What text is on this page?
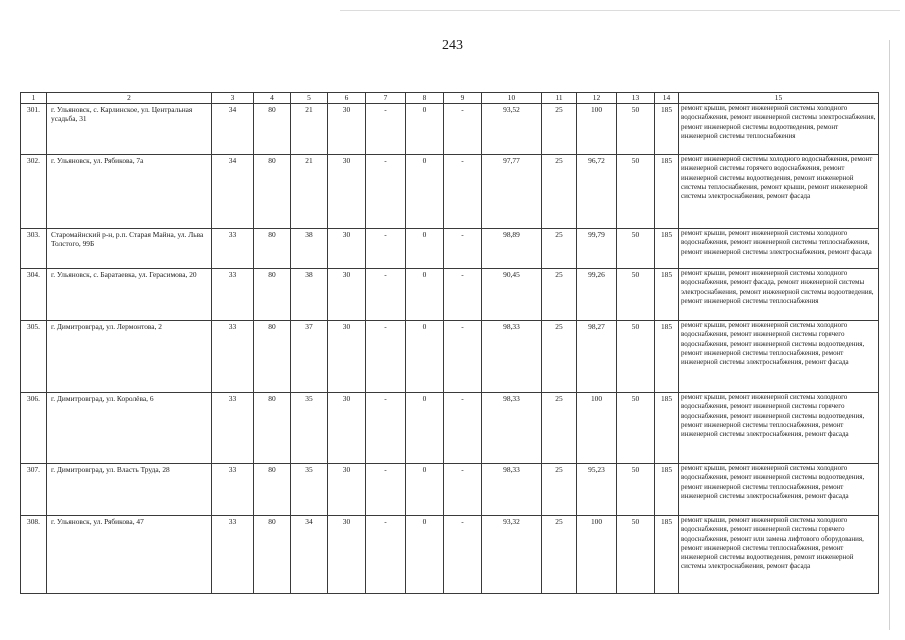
243
1	2	3	4	5	6	7	8	9	10	11	12	13	14	15
301.	г. Ульяновск, с. Карлинское, ул. Центральная усадьба, 31	34	80	21	30	-	0	-	93,52	25	100	50	185	ремонт крыши, ремонт инженерной системы холодного водоснабжения, ремонт инженерной системы электроснабжения, ремонт инженерной системы водоотведения, ремонт инженерной системы теплоснабжения
302.	г. Ульяновск, ул. Рябикова, 7а	34	80	21	30	-	0	-	97,77	25	96,72	50	185	ремонт инженерной системы холодного водоснабжения, ремонт инженерной системы горячего водоснабжения, ремонт инженерной системы водоотведения, ремонт инженерной системы теплоснабжения, ремонт крыши, ремонт инженерной системы электроснабжения, ремонт фасада
303.	Старомайнский р-н, р.п. Старая Майна, ул. Льва Толстого, 99Б	33	80	38	30	-	0	-	98,89	25	99,79	50	185	ремонт крыши, ремонт инженерной системы холодного водоснабжения, ремонт инженерной системы теплоснабжения, ремонт инженерной системы электроснабжения, ремонт фасада
304.	г. Ульяновск, с. Баратаевка, ул. Герасимова, 20	33	80	38	30	-	0	-	90,45	25	99,26	50	185	ремонт крыши, ремонт инженерной системы холодного водоснабжения, ремонт фасада, ремонт инженерной системы электроснабжения, ремонт инженерной системы водоотведения, ремонт инженерной системы теплоснабжения
305.	г. Димитровград, ул. Лермонтова, 2	33	80	37	30	-	0	-	98,33	25	98,27	50	185	ремонт крыши, ремонт инженерной системы холодного водоснабжения, ремонт инженерной системы горячего водоснабжения, ремонт инженерной системы водоотведения, ремонт инженерной системы теплоснабжения, ремонт инженерной системы электроснабжения, ремонт фасада
306.	г. Димитровград, ул. Королёва, 6	33	80	35	30	-	0	-	98,33	25	100	50	185	ремонт крыши, ремонт инженерной системы холодного водоснабжения, ремонт инженерной системы горячего водоснабжения, ремонт инженерной системы водоотведения, ремонт инженерной системы теплоснабжения, ремонт инженерной системы электроснабжения, ремонт фасада
307.	г. Димитровград, ул. Власть Труда, 28	33	80	35	30	-	0	-	98,33	25	95,23	50	185	ремонт крыши, ремонт инженерной системы холодного водоснабжения, ремонт инженерной системы водоотведения, ремонт инженерной системы теплоснабжения, ремонт инженерной системы электроснабжения, ремонт фасада
308.	г. Ульяновск, ул. Рябикова, 47	33	80	34	30	-	0	-	93,32	25	100	50	185	ремонт крыши, ремонт инженерной системы холодного водоснабжения, ремонт инженерной системы горячего водоснабжения, ремонт или замена лифтового оборудования, ремонт инженерной системы теплоснабжения, ремонт инженерной системы водоотведения, ремонт инженерной системы электроснабжения, ремонт фасада
